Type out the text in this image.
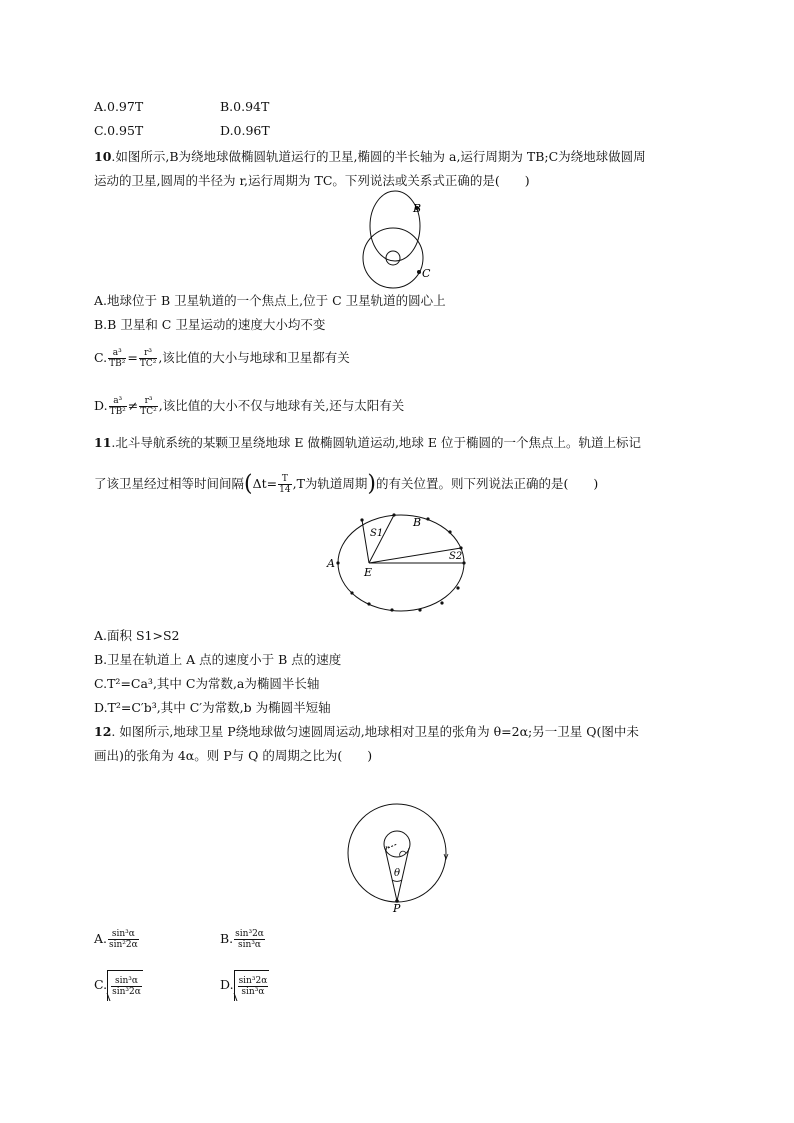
A.0.97T	B.0.94T
C.0.95T	D.0.96T
10.如图所示,B为绕地球做椭圆轨道运行的卫星,椭圆的半长轴为 a,运行周期为 TB;C为绕地球做圆周
运动的卫星,圆周的半径为 r,运行周期为 TC。下列说法或关系式正确的是(　　)
B
C
A.地球位于 B 卫星轨道的一个焦点上,位于 C 卫星轨道的圆心上
B.B 卫星和 C 卫星运动的速度大小均不变
C. $\frac{\text{a³}}{\text{TB²}} = \frac{\text{r³}}{\text{TC²}}$ ,该比值的大小与地球和卫星都有关
D. $\frac{\text{a³}}{\text{TB²}} \ne \frac{\text{r³}}{\text{TC²}}$ ,该比值的大小不仅与地球有关,还与太阳有关
11.北斗导航系统的某颗卫星绕地球 E 做椭圆轨道运动,地球 E 位于椭圆的一个焦点上。轨道上标记
了该卫星经过相等时间间隔($\Delta t= \frac{T}{14} ,T$为轨道周期)的有关位置。则下列说法正确的是(　　)
A
E
B
S1
S2
A.面积 S1>S2
B.卫星在轨道上 A 点的速度小于 B 点的速度
C.T²=Ca³,其中 C为常数,a为椭圆半长轴
D.T²=C′b³,其中 C′为常数,b 为椭圆半短轴
12. 如图所示,地球卫星 P绕地球做匀速圆周运动,地球相对卫星的张角为 θ=2α;另一卫星 Q(图中未
画出)的张角为 4α。则 P与 Q 的周期之比为(　　)
r
θ
P
A. $\frac{\text{sin³α}}{\text{sin²2α}}$	B. $\frac{\text{sin³2α}}{\text{sin³α}}$
C. $\frac{\text{sin³α}}{\text{sin³2α}}$	D. $\frac{\text{sin³2α}}{\text{sin³α}}$
